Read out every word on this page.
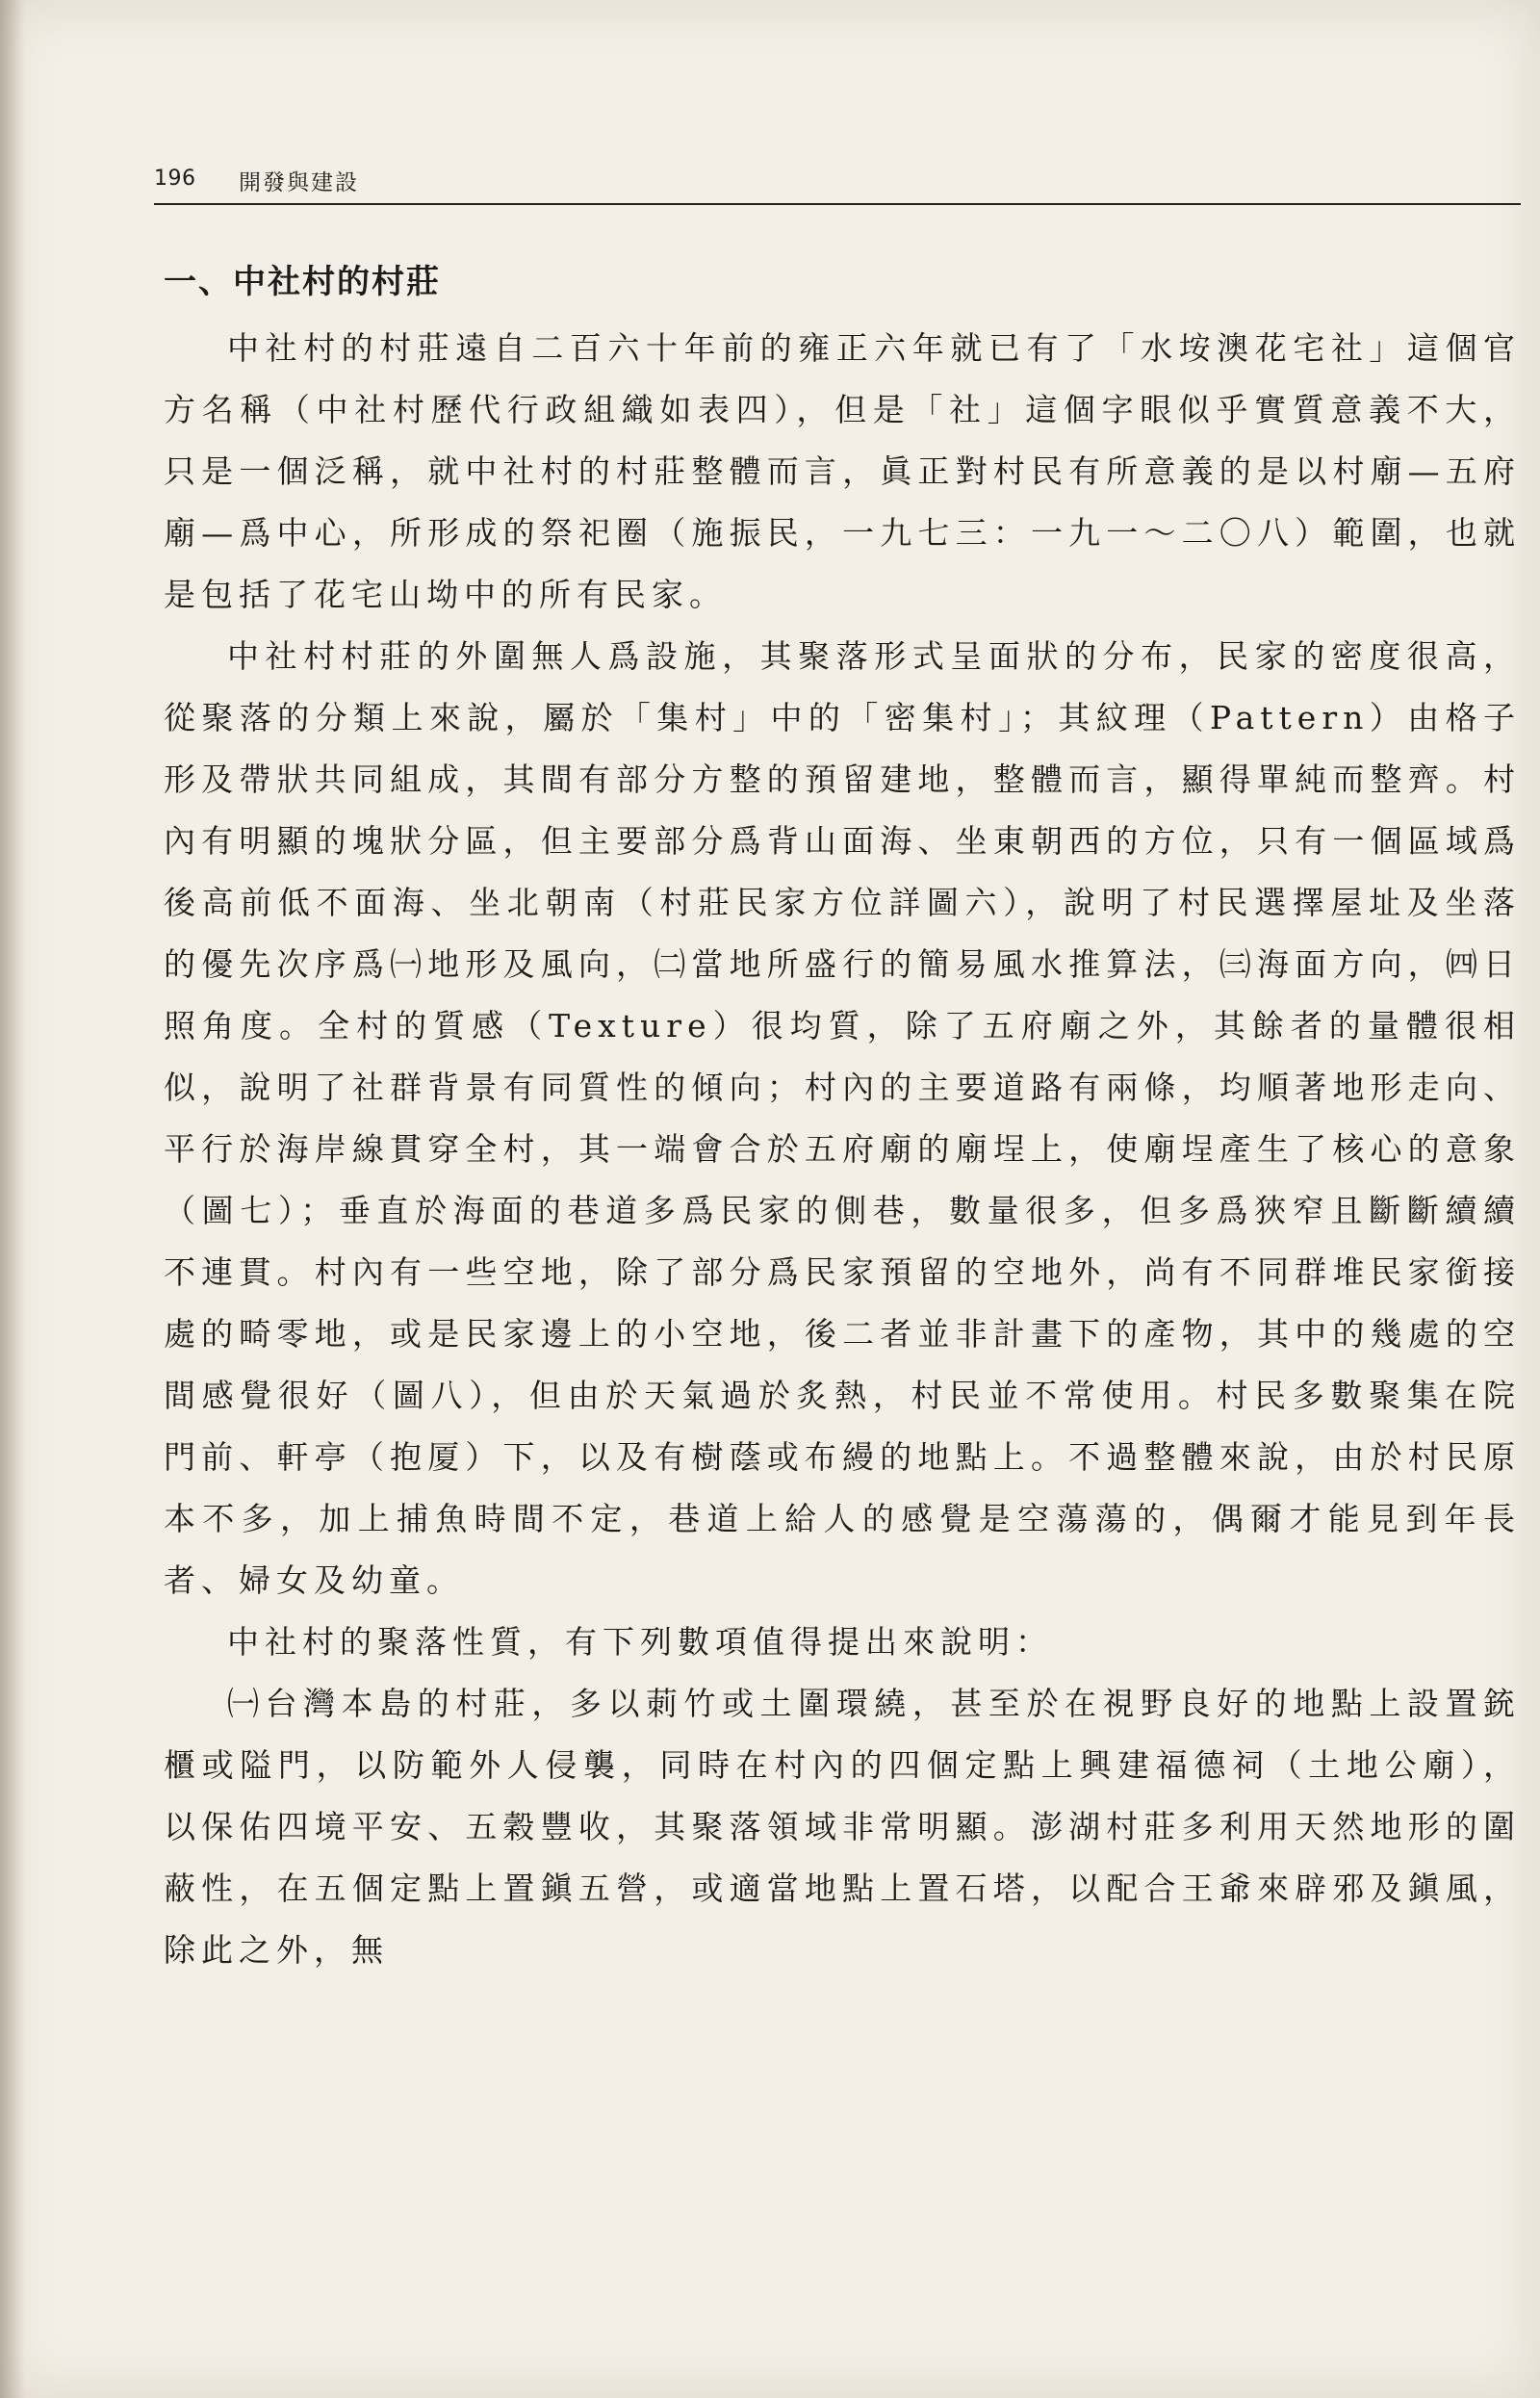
196 開發與建設
一、中社村的村莊

中社村的村莊遠自二百六十年前的雍正六年就已有了「水垵澳花宅社」這個官方名稱（中社村歷代行政組織如表四），但是「社」這個字眼似乎實質意義不大，只是一個泛稱，就中社村的村莊整體而言，眞正對村民有所意義的是以村廟—五府廟—爲中心，所形成的祭祀圈（施振民，一九七三：一九一～二〇八）範圍，也就是包括了花宅山坳中的所有民家。

中社村村莊的外圍無人爲設施，其聚落形式呈面狀的分布，民家的密度很高，從聚落的分類上來說，屬於「集村」中的「密集村」；其紋理（Pattern）由格子形及帶狀共同組成，其間有部分方整的預留建地，整體而言，顯得單純而整齊。村內有明顯的塊狀分區，但主要部分爲背山面海、坐東朝西的方位，只有一個區域爲後高前低不面海、坐北朝南（村莊民家方位詳圖六），說明了村民選擇屋址及坐落的優先次序爲㈠地形及風向，㈡當地所盛行的簡易風水推算法，㈢海面方向，㈣日照角度。全村的質感（Texture）很均質，除了五府廟之外，其餘者的量體很相似，說明了社群背景有同質性的傾向；村內的主要道路有兩條，均順著地形走向、平行於海岸線貫穿全村，其一端會合於五府廟的廟埕上，使廟埕產生了核心的意象（圖七）；垂直於海面的巷道多爲民家的側巷，數量很多，但多爲狹窄且斷斷續續不連貫。村內有一些空地，除了部分爲民家預留的空地外，尚有不同群堆民家銜接處的畸零地，或是民家邊上的小空地，後二者並非計畫下的產物，其中的幾處的空間感覺很好（圖八），但由於天氣過於炙熱，村民並不常使用。村民多數聚集在院門前、軒亭（抱厦）下，以及有樹蔭或布縵的地點上。不過整體來說，由於村民原本不多，加上捕魚時間不定，巷道上給人的感覺是空蕩蕩的，偶爾才能見到年長者、婦女及幼童。

中社村的聚落性質，有下列數項值得提出來說明：

㈠台灣本島的村莊，多以莿竹或土圍環繞，甚至於在視野良好的地點上設置銃櫃或隘門，以防範外人侵襲，同時在村內的四個定點上興建福德祠（土地公廟），以保佑四境平安、五穀豐收，其聚落領域非常明顯。澎湖村莊多利用天然地形的圍蔽性，在五個定點上置鎭五營，或適當地點上置石塔，以配合王爺來辟邪及鎭風，除此之外，無
